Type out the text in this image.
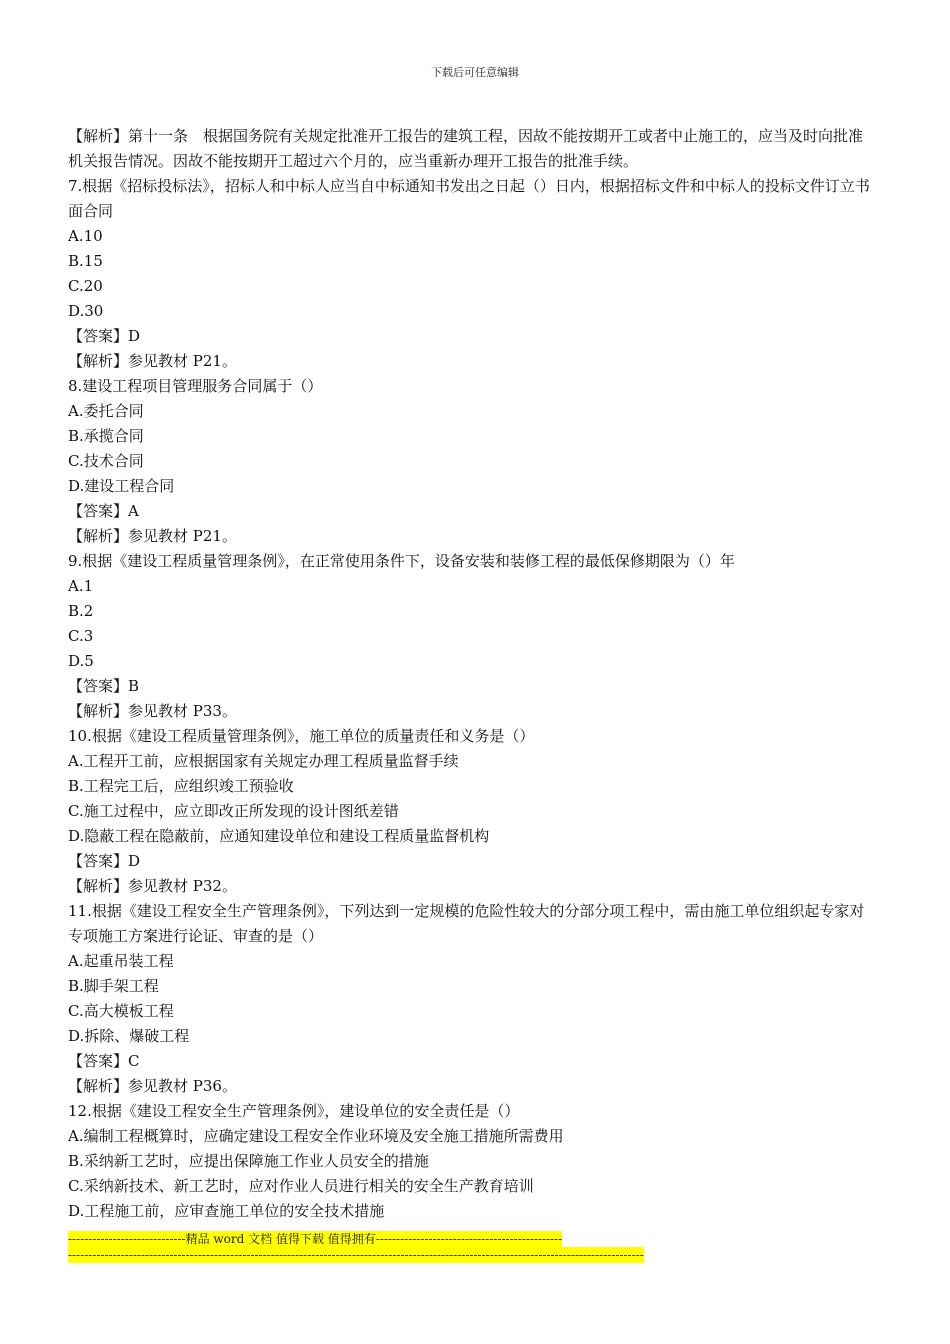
下载后可任意编辑
【解析】第十一条　根据国务院有关规定批准开工报告的建筑工程，因故不能按期开工或者中止施工的，应当及时向批准机关报告情况。因故不能按期开工超过六个月的，应当重新办理开工报告的批准手续。
7.根据《招标投标法》，招标人和中标人应当自中标通知书发出之日起（）日内，根据招标文件和中标人的投标文件订立书面合同
A.10
B.15
C.20
D.30
【答案】D
【解析】参见教材 P21。
8.建设工程项目管理服务合同属于（）
A.委托合同
B.承揽合同
C.技术合同
D.建设工程合同
【答案】A
【解析】参见教材 P21。
9.根据《建设工程质量管理条例》，在正常使用条件下，设备安装和装修工程的最低保修期限为（）年
A.1
B.2
C.3
D.5
【答案】B
【解析】参见教材 P33。
10.根据《建设工程质量管理条例》，施工单位的质量责任和义务是（）
A.工程开工前，应根据国家有关规定办理工程质量监督手续
B.工程完工后，应组织竣工预验收
C.施工过程中，应立即改正所发现的设计图纸差错
D.隐蔽工程在隐蔽前，应通知建设单位和建设工程质量监督机构
【答案】D
【解析】参见教材 P32。
11.根据《建设工程安全生产管理条例》，下列达到一定规模的危险性较大的分部分项工程中，需由施工单位组织起专家对专项施工方案进行论证、审查的是（）
A.起重吊装工程
B.脚手架工程
C.高大模板工程
D.拆除、爆破工程
【答案】C
【解析】参见教材 P36。
12.根据《建设工程安全生产管理条例》，建设单位的安全责任是（）
A.编制工程概算时，应确定建设工程安全作业环境及安全施工措施所需费用
B.采纳新工艺时，应提出保障施工作业人员安全的措施
C.采纳新技术、新工艺时，应对作业人员进行相关的安全生产教育培训
D.工程施工前，应审查施工单位的安全技术措施
-----------------------------精品 word 文档 值得下载 值得拥有----------------------------------------------
----------------------------------------------------------------------------------------------------------------------------------------------
